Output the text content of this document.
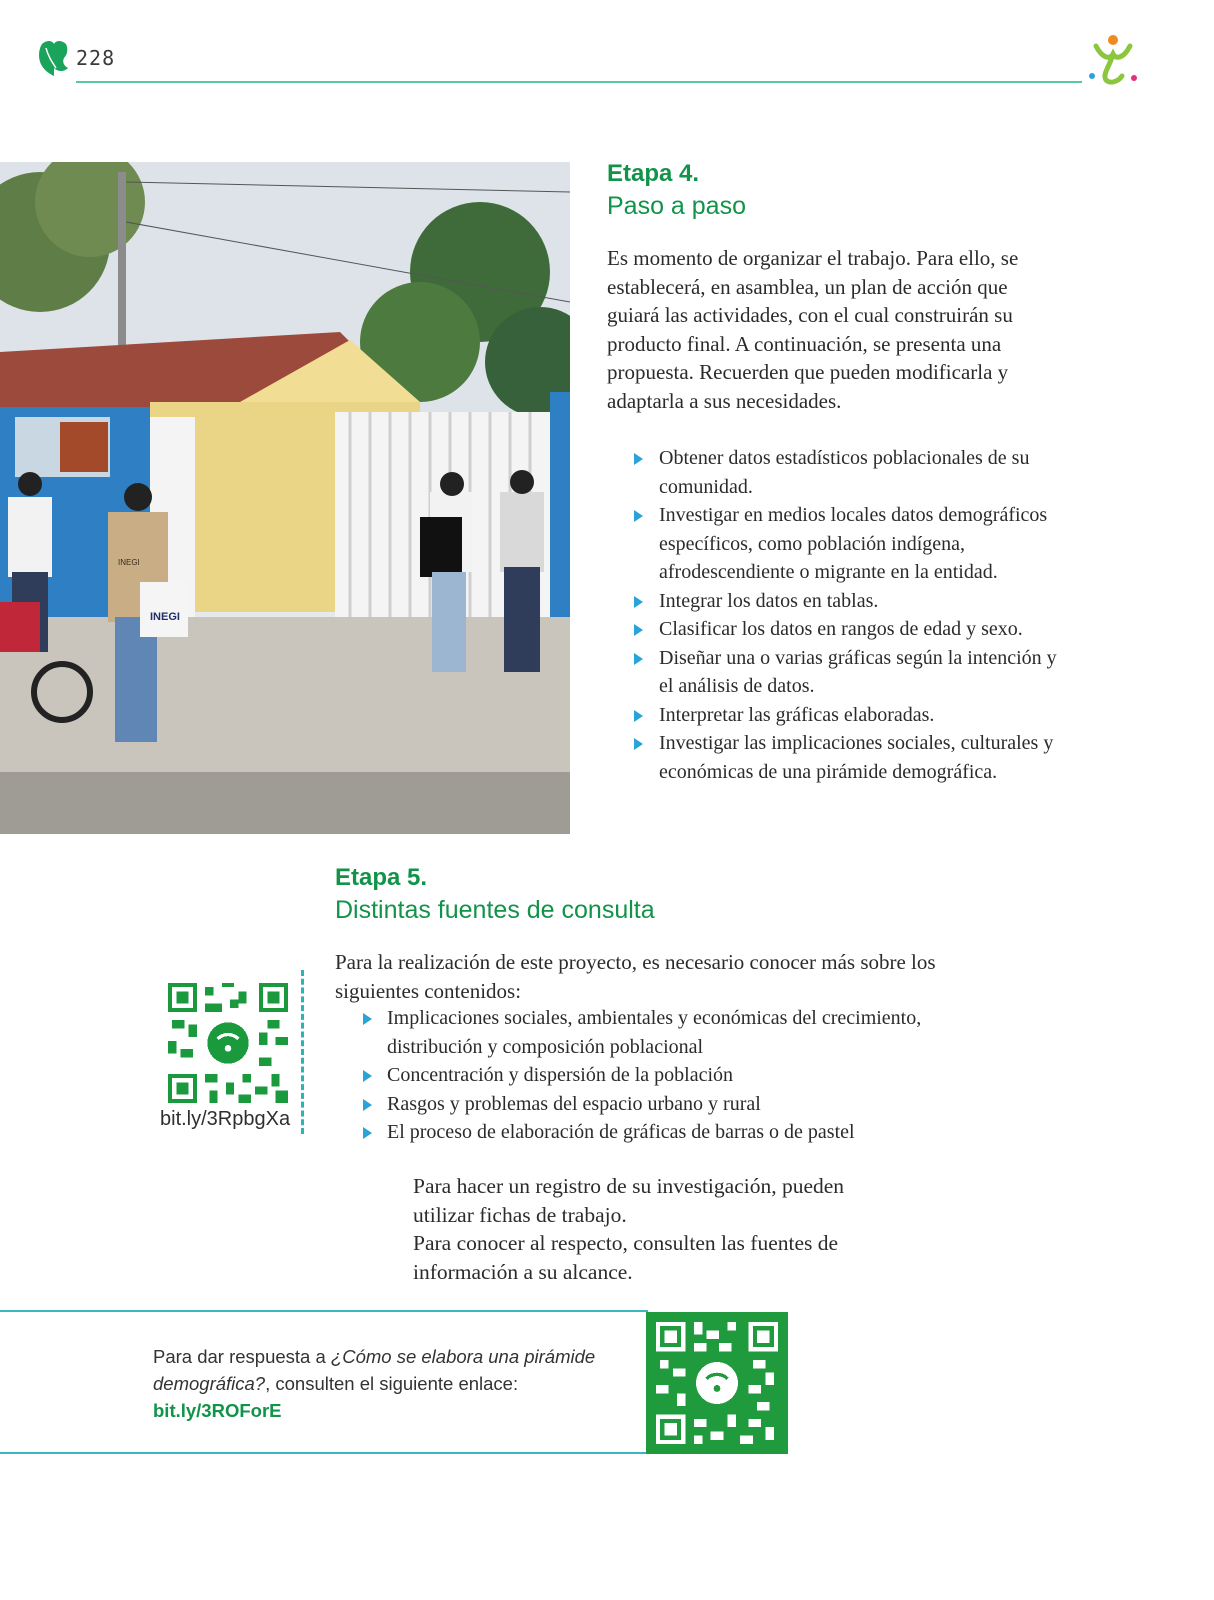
228
INEGI
INEGI
Etapa 4.
Paso a paso
Es momento de organizar el trabajo. Para ello, se establecerá, en asamblea, un plan de acción que guiará las actividades, con el cual construirán su producto final. A continuación, se presenta una propuesta. Recuerden que pueden modificarla y adaptarla a sus necesidades.
Obtener datos estadísticos poblacionales de su comunidad.
Investigar en medios locales datos demográficos específicos, como población indígena, afrodescendiente o migrante en la entidad.
Integrar los datos en tablas.
Clasificar los datos en rangos de edad y sexo.
Diseñar una o varias gráficas según la intención y el análisis de datos.
Interpretar las gráficas elaboradas.
Investigar las implicaciones sociales, culturales y económicas de una pirámide demográfica.
Etapa 5.
Distintas fuentes de consulta
Para la realización de este proyecto, es necesario conocer más sobre los siguientes contenidos:
Implicaciones sociales, ambientales y económicas del crecimiento, distribución y composición poblacional
Concentración y dispersión de la población
Rasgos y problemas del espacio urbano y rural
El proceso de elaboración de gráficas de barras o de pastel
bit.ly/3RpbgXa

Para hacer un registro de su investigación, pueden utilizar fichas de trabajo.

Para conocer al respecto, consulten las fuentes de información a su alcance.

Para dar respuesta a ¿Cómo se elabora una pirámide demográfica?, consulten el siguiente enlace:
bit.ly/3ROForE
